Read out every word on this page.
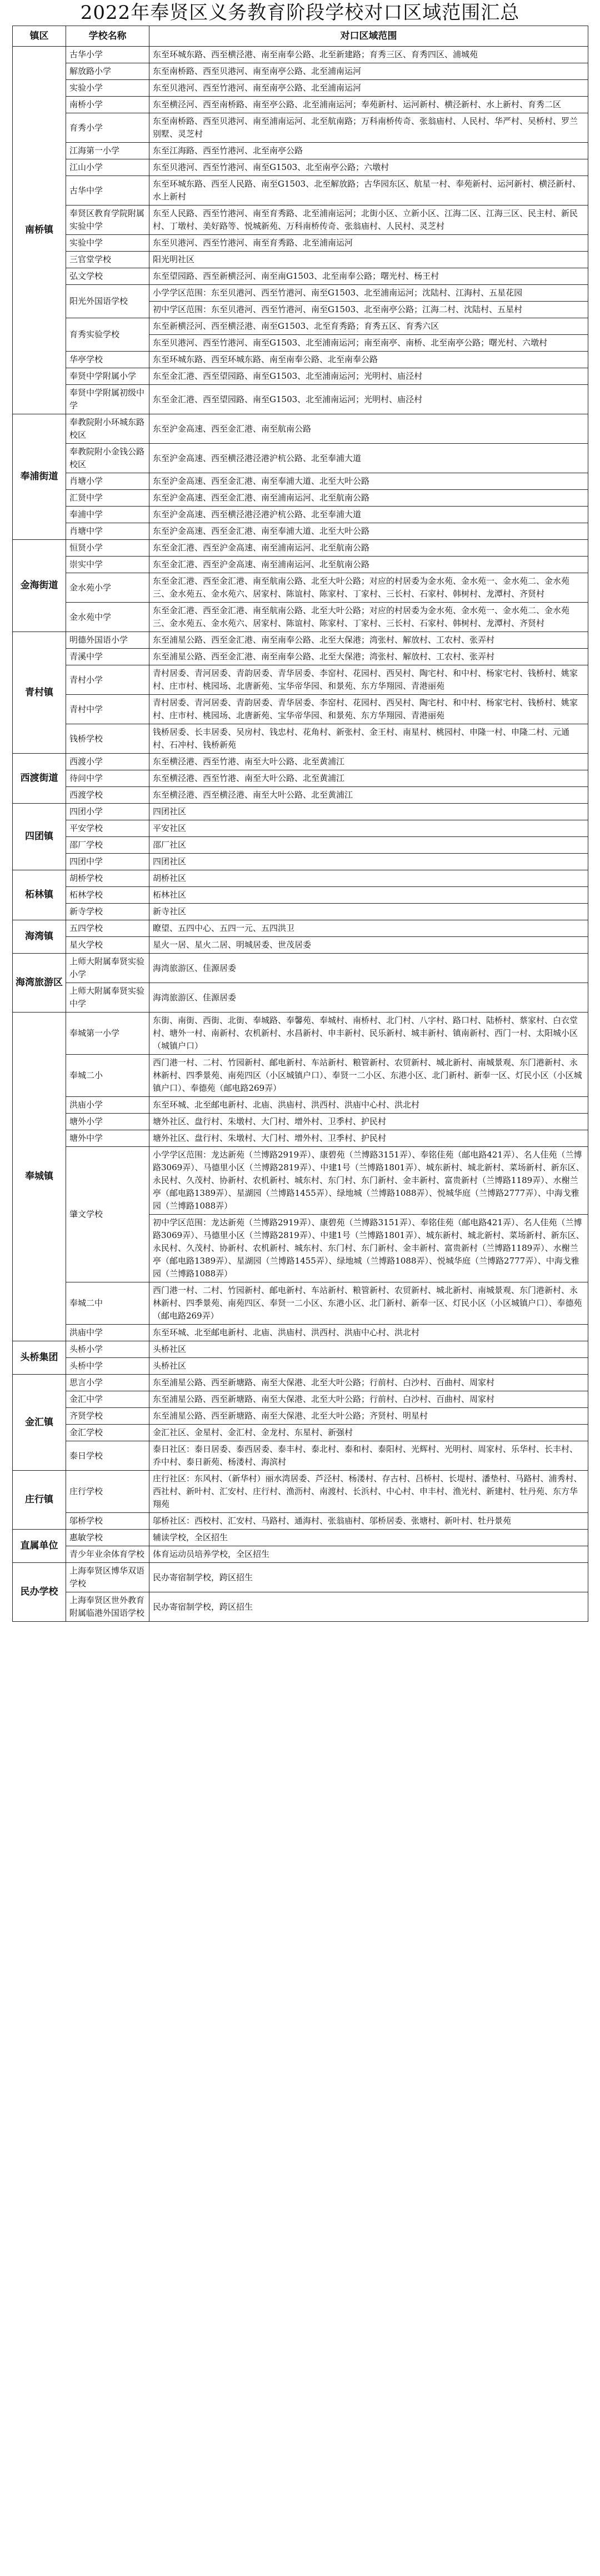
2022年奉贤区义务教育阶段学校对口区域范围汇总
镇区	学校名称	对口区域范围
南桥镇	古华小学	东至环城东路、西至横泾港、南至南奉公路、北至新建路；育秀三区、育秀四区、浦城苑
	解放路小学	东至南桥路、西至贝港河、南至南亭公路、北至浦南运河
	实验小学	东至贝港河、西至竹港河、南至南亭公路、北至浦南运河
	南桥小学	东至横泾河、西至南桥路、南至亭公路、北至浦南运河；奉苑新村、运河新村、横泾新村、水上新村、育秀二区
	育秀小学	东至南桥路、西至贝港河、南至浦南运河、北至航南路；万科南桥传奇、张翁庙村、人民村、华严村、吴桥村、罗兰别墅、灵芝村
	江海第一小学	东至江海路、西至竹港河、北至南亭公路
	江山小学	东至贝港河、西至竹港河、南至G1503、北至南亭公路；六墩村
	古华中学	东至环城东路、西至人民路、南至G1503、北至解放路；古华园东区、航星一村、奉苑新村、运河新村、横泾新村、水上新村
	奉贤区教育学院附属实验中学	东至人民路、西至竹港河、南至育秀路、北至浦南运河；北街小区、立新小区、江海二区、江海三区、民主村、新民村、丁墩村、美好路等、悦城新苑、万科南桥传奇、张翁庙村、人民村、灵芝村
	实验中学	东至贝港河、西至竹港河、南至育秀路、北至浦南运河
	三官堂学校	阳光明社区
	弘文学校	东至望园路、西至新横泾河、南至南G1503、北至南奉公路；曙光村、杨王村
	阳光外国语学校	小学学区范围：东至贝港河、西至竹港河、南至G1503、北至浦南运河；沈陆村、江海村、五星花园
		初中学区范围：东至贝港河、西至竹港河、南至G1503、北至南亭公路；江海二村、沈陆村、五星村
	育秀实验学校	东至新横泾河、西至横泾港、南至G1503、北至育秀路；育秀五区、育秀六区
		东至贝港河、西至竹港河、南至G1503、北至浦南运河；南至南亭、南桥、北至南亭公路；曙光村、六墩村
	华亭学校	东至环城东路、西至环城东路、南至南奉公路、北至南奉公路
	奉贤中学附属小学	东至金汇港、西至望园路、南至G1503、北至浦南运河；光明村、庙泾村
	奉贤中学附属初级中学	东至金汇港、西至望园路、南至G1503、北至浦南运河；光明村、庙泾村
奉浦街道	奉教院附小环城东路校区	东至沪金高速、西至金汇港、南至航南公路
	奉教院附小金钱公路校区	东至沪金高速、西至横泾港泾港沪杭公路、北至奉浦大道
	肖塘小学	东至沪金高速、西至金汇港、南至奉浦大道、北至大叶公路
	汇贤中学	东至沪金高速、西至金汇港、南至浦南运河、北至航南公路
	奉浦中学	东至沪金高速、西至横泾港泾港沪杭公路、北至奉浦大道
	肖塘中学	东至沪金高速、西至金汇港、南至奉浦大道、北至大叶公路
金海街道	恒贤小学	东至金汇港、西至沪金高速、南至浦南运河、北至航南公路
	崇实中学	东至金汇港、西至沪金高速、南至浦南运河、北至航南公路
	金水苑小学	东至金汇港、西至金汇港、南至航南公路、北至大叶公路；对应的村居委为金水苑、金水苑一、金水苑二、金水苑三、金水苑五、金水苑六、居家村、陈谊村、陈家村、丁家村、三长村、石家村、韩树村、龙潭村、齐贤村
	金水苑中学	东至金汇港、西至金汇港、南至航南公路、北至大叶公路；对应的村居委为金水苑、金水苑一、金水苑二、金水苑三、金水苑五、金水苑六、居家村、陈谊村、陈家村、丁家村、三长村、石家村、韩树村、龙潭村、齐贤村
青村镇	明德外国语小学	东至浦星公路、西至金汇港、南至南奉公路、北至大保港；湾张村、解放村、工农村、张弄村
	青溪中学	东至浦星公路、西至金汇港、南至南奉公路、北至大保港；湾张村、解放村、工农村、张弄村
	青村小学	青村居委、青河居委、青韵居委、青华居委、李窑村、花园村、西吴村、陶宅村、和中村、杨家宅村、钱桥村、姚家村、庄市村、桃园场、北唐新苑、宝华帝华园、和景苑、东方华翔园、青港丽苑
	青村中学	青村居委、青河居委、青韵居委、青华居委、李窑村、花园村、西吴村、陶宅村、和中村、杨家宅村、钱桥村、姚家村、庄市村、桃园场、北唐新苑、宝华帝华园、和景苑、东方华翔园、青港丽苑
	钱桥学校	钱桥居委、长丰居委、吴房村、钱忠村、花角村、新张村、金王村、南星村、桃园村、申隆一村、申隆二村、元通村、石冲村、钱桥新苑
西渡街道	西渡小学	东至横泾港、西至竹港、南至大叶公路、北至黄浦江
	待问中学	东至横泾港、西至竹港、南至大叶公路、北至黄浦江
	西渡学校	东至横泾港、西至横泾港、南至大叶公路、北至黄浦江
四团镇	四团小学	四团社区
	平安学校	平安社区
	邵厂学校	邵厂社区
	四团中学	四团社区
柘林镇	胡桥学校	胡桥社区
	柘林学校	柘林社区
	新寺学校	新寺社区
海湾镇	五四学校	瞭望、五四中心、五四一元、五四洪卫
	星火学校	星火一居、星火二居、明城居委、世茂居委
海湾旅游区	上师大附属奉贤实验小学	海湾旅游区、佳源居委
	上师大附属奉贤实验中学	海湾旅游区、佳源居委
奉城镇	奉城第一小学	东街、南街、西街、北街、奉城路、奉馨苑、奉城村、南桥村、北门村、八字村、路口村、陆桥村、蔡家村、白衣堂村、塘外一村、南新村、农机新村、水昌新村、申丰新村、民乐新村、城丰新村、镇南新村、西门一村、太阳城小区（城镇户口）
	奉城二小	西门港一村、二村、竹园新村、邮电新村、车站新村、粮管新村、农贸新村、城北新村、南城景观、东门港新村、永林新村、四季景苑、南苑四区（小区城镇户口）、奉贤一二小区、东港小区、北门新村、新奉一区、灯民小区（小区城镇户口）、奉德苑（邮电路269弄）
	洪庙小学	东至环城、北至邮电新村、北庙、洪庙村、洪西村、洪庙中心村、洪北村
	塘外小学	塘外社区、盘行村、朱墩村、大门村、增外村、卫季村、护民村
	塘外中学	塘外社区、盘行村、朱墩村、大门村、增外村、卫季村、护民村
	肇文学校	小学学区范围：龙达新苑（兰博路2919弄）、康碧苑（兰博路3151弄）、奉铭佳苑（邮电路421弄）、名人佳苑（兰博路3069弄）、马德里小区（兰博路2819弄）、中建1号（兰博路1801弄）、城东新村、城北新村、菜场新村、新东区、永民村、久茂村、协新村、农机新村、城东村、东门村、东门新村、金丰新村、富贵新村（兰博路1189弄）、水榭兰亭（邮电路1389弄）、星湖园（兰博路1455弄）、绿地城（兰博路1088弄）、悦城华庭（兰博路2777弄）、中海戈雅园（兰博路1088弄）
		初中学区范围：龙达新苑（兰博路2919弄）、康碧苑（兰博路3151弄）、奉铭佳苑（邮电路421弄）、名人佳苑（兰博路3069弄）、马德里小区（兰博路2819弄）、中建1号（兰博路1801弄）、城东新村、城北新村、菜场新村、新东区、永民村、久茂村、协新村、农机新村、城东村、东门村、东门新村、金丰新村、富贵新村（兰博路1189弄）、水榭兰亭（邮电路1389弄）、星湖园（兰博路1455弄）、绿地城（兰博路1088弄）、悦城华庭（兰博路2777弄）、中海戈雅园（兰博路1088弄）
	奉城二中	西门港一村、二村、竹园新村、邮电新村、车站新村、粮管新村、农贸新村、城北新村、南城景观、东门港新村、永林新村、四季景苑、南苑四区、奉贤一二小区、东港小区、北门新村、新奉一区、灯民小区（小区城镇户口）、奉德苑（邮电路269弄）
	洪庙中学	东至环城、北至邮电新村、北庙、洪庙村、洪西村、洪庙中心村、洪北村
头桥集团	头桥小学	头桥社区
	头桥中学	头桥社区
金汇镇	思言小学	东至浦星公路、西至新塘路、南至大保港、北至大叶公路；行前村、白沙村、百曲村、周家村
	金汇中学	东至浦星公路、西至新塘路、南至大保港、北至大叶公路；行前村、白沙村、百曲村、周家村
	齐贤学校	东至浦星公路、西至新塘路、南至大保港、北至大叶公路；齐贤村、明星村
	金汇学校	金汇社区、金星村、金汇村、金龙村、东星村、新强村
	泰日学校	泰日社区：泰日居委、泰西居委、泰丰村、泰北村、泰和村、泰阳村、光辉村、光明村、周家村、乐华村、长丰村、乔中村、泰日新苑、杨溇村、海滨村
庄行镇	庄行学校	庄行社区：东风村、（新华村）丽水湾居委、芦泾村、杨溇村、存古村、吕桥村、长堤村、潘垫村、马路村、浦秀村、西社村、新叶村、汇安村、庄行村、渔沥村、南渡村、长浜村、中心村、申丰村、渔光村、新建村、牡丹苑、东方华翔苑
	邬桥学校	邬桥社区：西校村、汇安村、马路村、通海村、张翁庙村、邬桥居委、张塘村、新叶村、牡丹景苑
直属单位	惠敏学校	辅读学校，全区招生
	青少年业余体育学校	体育运动员培养学校，全区招生
民办学校	上海奉贤区博华双语学校	民办寄宿制学校，跨区招生
	上海奉贤区世外教育附属临港外国语学校	民办寄宿制学校，跨区招生
